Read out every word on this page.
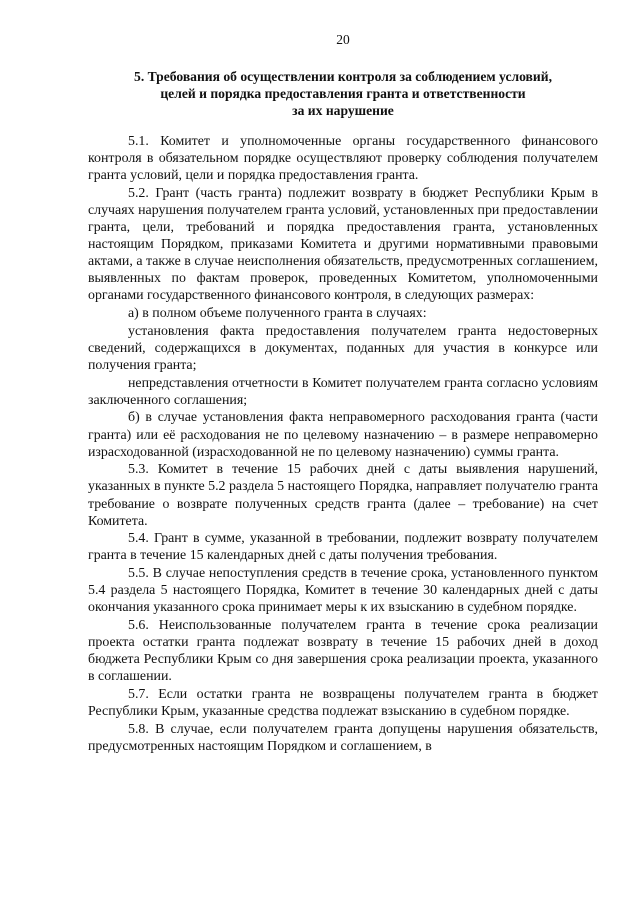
20
5. Требования об осуществлении контроля за соблюдением условий,
целей и порядка предоставления гранта и ответственности
за их нарушение

5.1. Комитет и уполномоченные органы государственного финансового контроля в обязательном порядке осуществляют проверку соблюдения получателем гранта условий, цели и порядка предоставления гранта.

5.2. Грант (часть гранта) подлежит возврату в бюджет Республики Крым в случаях нарушения получателем гранта условий, установленных при предоставлении гранта, цели, требований и порядка предоставления гранта, установленных настоящим Порядком, приказами Комитета и другими нормативными правовыми актами, а также в случае неисполнения обязательств, предусмотренных соглашением, выявленных по фактам проверок, проведенных Комитетом, уполномоченными органами государственного финансового контроля, в следующих размерах:

а) в полном объеме полученного гранта в случаях:

установления факта предоставления получателем гранта недостоверных сведений, содержащихся в документах, поданных для участия в конкурсе или получения гранта;

непредставления отчетности в Комитет получателем гранта согласно условиям заключенного соглашения;

б) в случае установления факта неправомерного расходования гранта (части гранта) или её расходования не по целевому назначению – в размере неправомерно израсходованной (израсходованной не по целевому назначению) суммы гранта.

5.3. Комитет в течение 15 рабочих дней с даты выявления нарушений, указанных в пункте 5.2 раздела 5 настоящего Порядка, направляет получателю гранта требование о возврате полученных средств гранта (далее – требование) на счет Комитета.

5.4. Грант в сумме, указанной в требовании, подлежит возврату получателем гранта в течение 15 календарных дней с даты получения требования.

5.5. В случае непоступления средств в течение срока, установленного пунктом 5.4 раздела 5 настоящего Порядка, Комитет в течение 30 календарных дней с даты окончания указанного срока принимает меры к их взысканию в судебном порядке.

5.6. Неиспользованные получателем гранта в течение срока реализации проекта остатки гранта подлежат возврату в течение 15 рабочих дней в доход бюджета Республики Крым со дня завершения срока реализации проекта, указанного в соглашении.

5.7. Если остатки гранта не возвращены получателем гранта в бюджет Республики Крым, указанные средства подлежат взысканию в судебном порядке.

5.8. В случае, если получателем гранта допущены нарушения обязательств, предусмотренных настоящим Порядком и соглашением, в
